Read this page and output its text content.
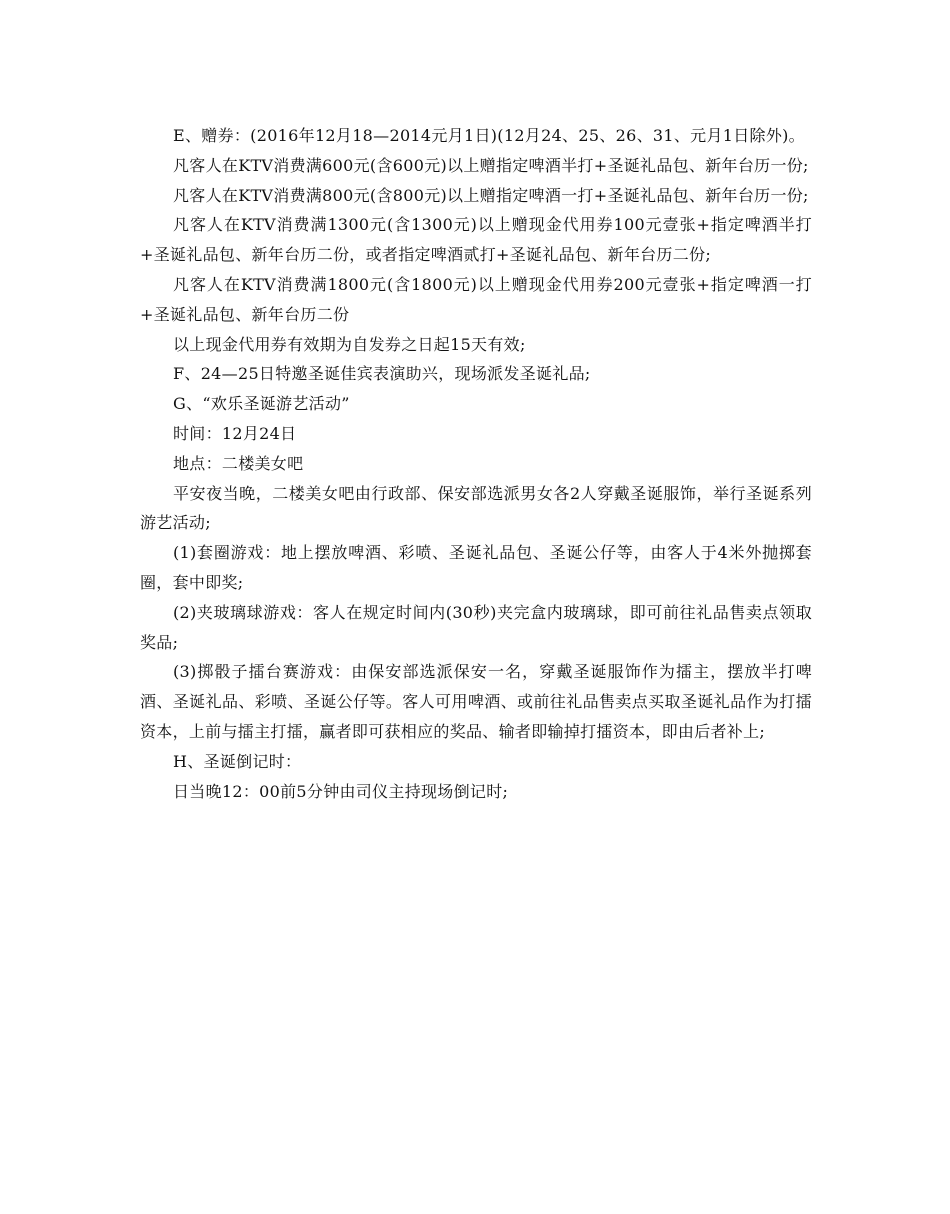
E、赠券：(2016年12月18—2014元月1日)(12月24、25、26、31、元月1日除外)。

凡客人在KTV消费满600元(含600元)以上赠指定啤酒半打+圣诞礼品包、新年台历一份;

凡客人在KTV消费满800元(含800元)以上赠指定啤酒一打+圣诞礼品包、新年台历一份;

凡客人在KTV消费满1300元(含1300元)以上赠现金代用券100元壹张+指定啤酒半打+圣诞礼品包、新年台历二份，或者指定啤酒贰打+圣诞礼品包、新年台历二份;

凡客人在KTV消费满1800元(含1800元)以上赠现金代用券200元壹张+指定啤酒一打+圣诞礼品包、新年台历二份

以上现金代用券有效期为自发券之日起15天有效;

F、24—25日特邀圣诞佳宾表演助兴，现场派发圣诞礼品;

G、“欢乐圣诞游艺活动”

时间：12月24日

地点：二楼美女吧

平安夜当晚，二楼美女吧由行政部、保安部选派男女各2人穿戴圣诞服饰，举行圣诞系列游艺活动;

(1)套圈游戏：地上摆放啤酒、彩喷、圣诞礼品包、圣诞公仔等，由客人于4米外抛掷套圈，套中即奖;

(2)夹玻璃球游戏：客人在规定时间内(30秒)夹完盒内玻璃球，即可前往礼品售卖点领取奖品;

(3)掷骰子擂台赛游戏：由保安部选派保安一名，穿戴圣诞服饰作为擂主，摆放半打啤酒、圣诞礼品、彩喷、圣诞公仔等。客人可用啤酒、或前往礼品售卖点买取圣诞礼品作为打擂资本，上前与擂主打擂，赢者即可获相应的奖品、输者即输掉打擂资本，即由后者补上;

H、圣诞倒记时：

日当晚12：00前5分钟由司仪主持现场倒记时;
